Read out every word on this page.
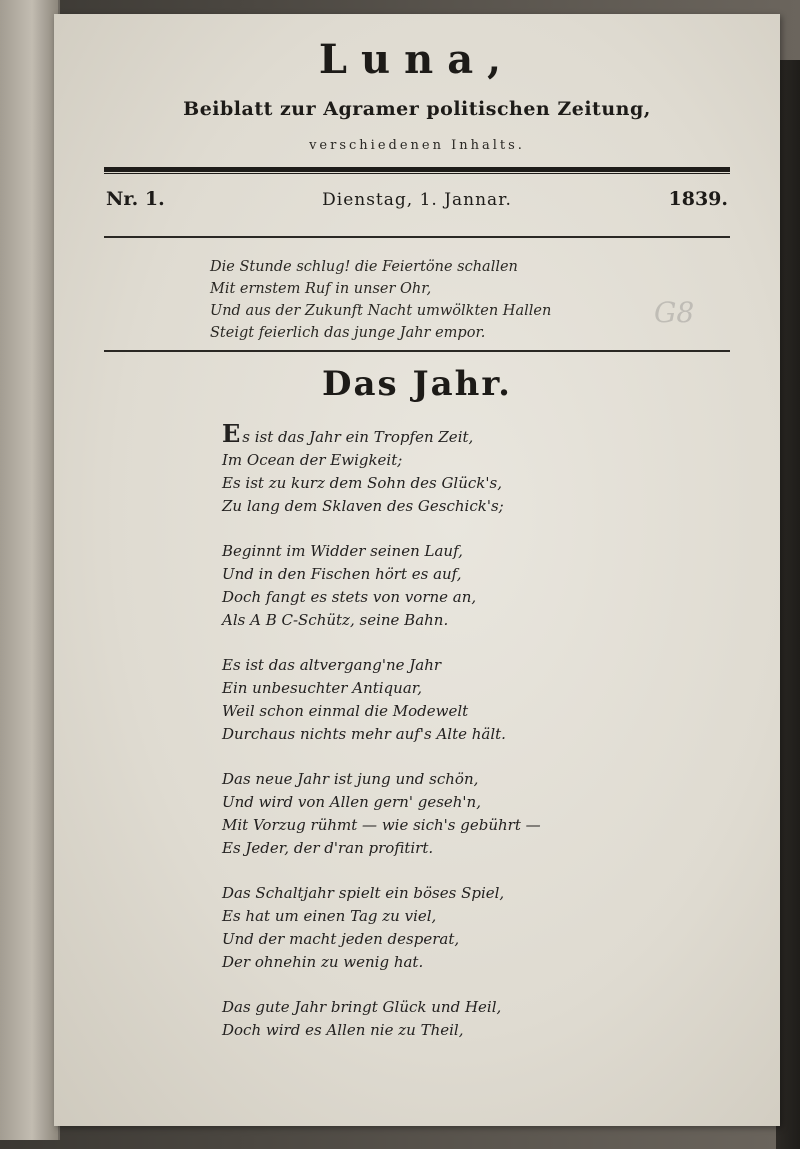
Luna,
Beiblatt zur Agramer politischen Zeitung,
verschiedenen Inhalts.
Nr. 1.	Dienstag, 1. Jannar.	1839.
Die Stunde schlug! die Feiertöne schallen
Mit ernstem Ruf in unser Ohr,
Und aus der Zukunft Nacht umwölkten Hallen
Steigt feierlich das junge Jahr empor.
G8
Das Jahr.
Es ist das Jahr ein Tropfen Zeit,
Im Ocean der Ewigkeit;
Es ist zu kurz dem Sohn des Glück's,
Zu lang dem Sklaven des Geschick's;
Beginnt im Widder seinen Lauf,
Und in den Fischen hört es auf,
Doch fangt es stets von vorne an,
Als A B C-Schütz, seine Bahn.
Es ist das altvergang'ne Jahr
Ein unbesuchter Antiquar,
Weil schon einmal die Modewelt
Durchaus nichts mehr auf's Alte hält.
Das neue Jahr ist jung und schön,
Und wird von Allen gern' geseh'n,
Mit Vorzug rühmt — wie sich's gebührt —
Es Jeder, der d'ran profitirt.
Das Schaltjahr spielt ein böses Spiel,
Es hat um einen Tag zu viel,
Und der macht jeden desperat,
Der ohnehin zu wenig hat.
Das gute Jahr bringt Glück und Heil,
Doch wird es Allen nie zu Theil,
